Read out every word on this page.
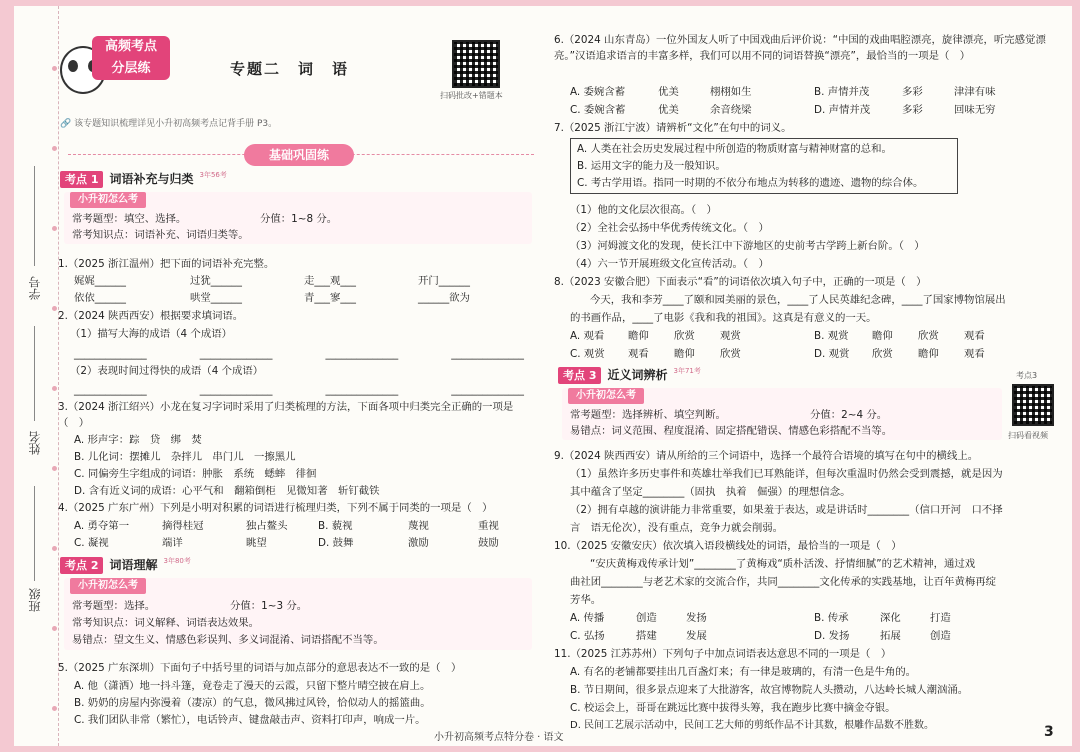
学号
姓名
班级
高频考点
分层练	专题二　词　语
扫码批改+错题本
🔗 该专题知识梳理详见小升初高频考点记背手册 P3。
基础巩固练
考点 1 词语补充与归类 3年56考
小升初怎么考
常考题型：填空、选择。	分值：1~8 分。
常考知识点：词语补充、词语归类等。
1.（2025 浙江温州）把下面的词语补充完整。
娓娓______	过犹______	走___观___	开门______
依依______	哄堂______	青___寥___	______欲为
2.（2024 陕西西安）根据要求填词语。
（1）描写大海的成语（4 个成语）
______________	______________	______________	______________
（2）表现时间过得快的成语（4 个成语）
______________	______________	______________	______________
3.（2024 浙江绍兴）小龙在复习字词时采用了归类梳理的方法，下面各项中归类完全正确的一项是（　）
A. 形声字：踪　贷　绑　焚
B. 儿化词：摆摊儿　杂拌儿　串门儿　一擦黑儿
C. 同偏旁生字组成的词语：肿胀　系统　蟋蟀　徘徊
D. 含有近义词的成语：心平气和　翻箱倒柜　见微知著　斩钉截铁
4.（2025 广东广州）下列是小明对积累的词语进行梳理归类，下列不属于同类的一项是（　）
A. 勇夺第一	摘得桂冠	独占鳌头	B. 藐视	蔑视	重视
C. 凝视	端详	眺望	D. 鼓舞	激励	鼓励
考点 2 词语理解 3年80考
小升初怎么考
常考题型：选择。	分值：1~3 分。
常考知识点：词义解释、词语表达效果。
易错点：望文生义、情感色彩误判、多义词混淆、词语搭配不当等。
5.（2025 广东深圳）下面句子中括号里的词语与加点部分的意思表达不一致的是（　）
A. 他（潇洒）地一抖斗篷，竟卷走了漫天的云霞，只留下整片晴空披在肩上。
B. 奶奶的房屋内弥漫着（凄凉）的气息，微风拂过风铃，恰似动人的摇篮曲。
C. 我们团队非常（繁忙），电话铃声、键盘敲击声、资料打印声，响成一片。
6.（2024 山东青岛）一位外国友人听了中国戏曲后评价说：“中国的戏曲唱腔漂亮，旋律漂亮，听完感觉漂亮。”汉语追求语言的丰富多样，我们可以用不同的词语替换“漂亮”，最恰当的一项是（　）
A. 委婉含蓄	优美	栩栩如生	B. 声情并茂	多彩	津津有味
C. 委婉含蓄	优美	余音绕梁	D. 声情并茂	多彩	回味无穷
7.（2025 浙江宁波）请辨析“文化”在句中的词义。
A. 人类在社会历史发展过程中所创造的物质财富与精神财富的总和。
B. 运用文字的能力及一般知识。
C. 考古学用语。指同一时期的不依分布地点为转移的遗迹、遗物的综合体。
（1）他的文化层次很高。（　）
（2）全社会弘扬中华优秀传统文化。（　）
（3）河姆渡文化的发现，使长江中下游地区的史前考古学跨上新台阶。（　）
（4）六一节开展班级文化宣传活动。（　）
8.（2023 安徽合肥）下面表示“看”的词语依次填入句子中，正确的一项是（　）
今天，我和李芳____了颐和园美丽的景色，____了人民英雄纪念碑，____了国家博物馆展出
的书画作品，____了电影《我和我的祖国》。这真是有意义的一天。
A. 观看 瞻仰 欣赏 观赏	B. 观赏 瞻仰 欣赏 观看
C. 观赏 观看 瞻仰 欣赏	D. 观赏 欣赏 瞻仰 观看
考点 3 近义词辨析 3年71考
小升初怎么考
常考题型：选择辨析、填空判断。	分值：2~4 分。
易错点：词义范围、程度混淆、固定搭配错误、情感色彩搭配不当等。
考点3
扫码看视频
9.（2024 陕西西安）请从所给的三个词语中，选择一个最符合语境的填写在句中的横线上。
（1）虽然许多历史事件和英雄壮举我们已耳熟能详，但每次重温时仍然会受到震撼，就是因为
其中蕴含了坚定________（固执　执着　倔强）的理想信念。
（2）拥有卓越的演讲能力非常重要，如果羞于表达，或是讲话时________（信口开河　口不择
言　语无伦次），没有重点，竞争力就会削弱。
10.（2025 安徽安庆）依次填入语段横线处的词语，最恰当的一项是（　）
“安庆黄梅戏传承计划”________了黄梅戏“质朴活泼、抒情细腻”的艺术精神，通过戏
曲社团________与老艺术家的交流合作，共同________文化传承的实践基地，让百年黄梅再绽
芳华。
A. 传播	创造	发扬	B. 传承	深化	打造
C. 弘扬	搭建	发展	D. 发扬	拓展	创造
11.（2025 江苏苏州）下列句子中加点词语表达意思不同的一项是（　）
A. 有名的老铺都要挂出几百盏灯来；有一律是玻璃的，有清一色是牛角的。
B. 节日期间，很多景点迎来了大批游客，故宫博物院人头攒动，八达岭长城人潮汹涌。
C. 校运会上，哥哥在跳远比赛中拔得头筹，我在跑步比赛中摘金夺银。
D. 民间工艺展示活动中，民间工艺大师的剪纸作品不计其数，根雕作品数不胜数。
小升初高频考点特分卷 · 语文	3
